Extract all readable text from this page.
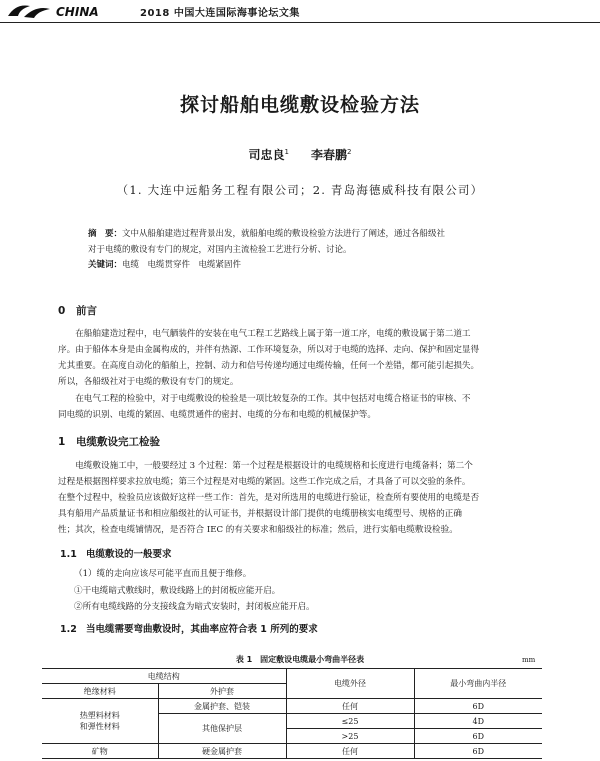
CHINA	2018 中国大连国际海事论坛文集
探讨船舶电缆敷设检验方法
司忠良$^1$ 李春鹏$^2$
（1. 大连中远船务工程有限公司；2. 青岛海德威科技有限公司）
摘　要：文中从船舶建造过程背景出发，就船舶电缆的敷设检验方法进行了阐述，通过各船级社
对于电缆的敷设有专门的规定，对国内主流检验工艺进行分析、讨论。
关键词：电缆　电缆贯穿件　电缆紧固件
0 前言
在船舶建造过程中，电气舾装件的安装在电气工程工艺路线上属于第一道工序，电缆的敷设属于第二道工
序。由于船体本身是由金属构成的，并伴有热源、工作环境复杂，所以对于电缆的选择、走向、保护和固定显得
尤其重要。在高度自动化的船舶上，控制、动力和信号传递均通过电缆传输，任何一个差错，都可能引起损失。
所以，各船级社对于电缆的敷设有专门的规定。
在电气工程的检验中，对于电缆敷设的检验是一项比较复杂的工作。其中包括对电缆合格证书的审核、不
同电缆的识别、电缆的紧固、电缆贯通件的密封、电缆的分布和电缆的机械保护等。
1 电缆敷设完工检验
电缆敷设施工中，一般要经过 3 个过程：第一个过程是根据设计的电缆规格和长度进行电缆备料；第二个
过程是根据图样要求拉放电缆；第三个过程是对电缆的紧固。这些工作完成之后，才具备了可以交验的条件。
在整个过程中，检验员应该做好这样一些工作：首先，是对所选用的电缆进行验证，检查所有要使用的电缆是否
具有船用产品质量证书和相应船级社的认可证书，并根据设计部门提供的电缆册核实电缆型号、规格的正确
性；其次，检查电缆铺情况，是否符合 IEC 的有关要求和船级社的标准；然后，进行实船电缆敷设检验。
1.1 电缆敷设的一般要求
（1）缆的走向应该尽可能平直而且便于维修。
①干电缆暗式敷线时，敷设线路上的封闭板应能开启。
②所有电缆线路的分支接线盒为暗式安装时，封闭板应能开启。
1.2 当电缆需要弯曲敷设时，其曲率应符合表 1 所列的要求
表 1　固定敷设电缆最小弯曲半径表	mm
电缆结构		电缆外径	最小弯曲内半径
绝缘材料	外护套		

热塑料材料
和弹性材料	金属护套、铠装	任何	6D
	其他保护层	≤25	4D
		>25	6D
矿物	硬金属护套	任何	6D
